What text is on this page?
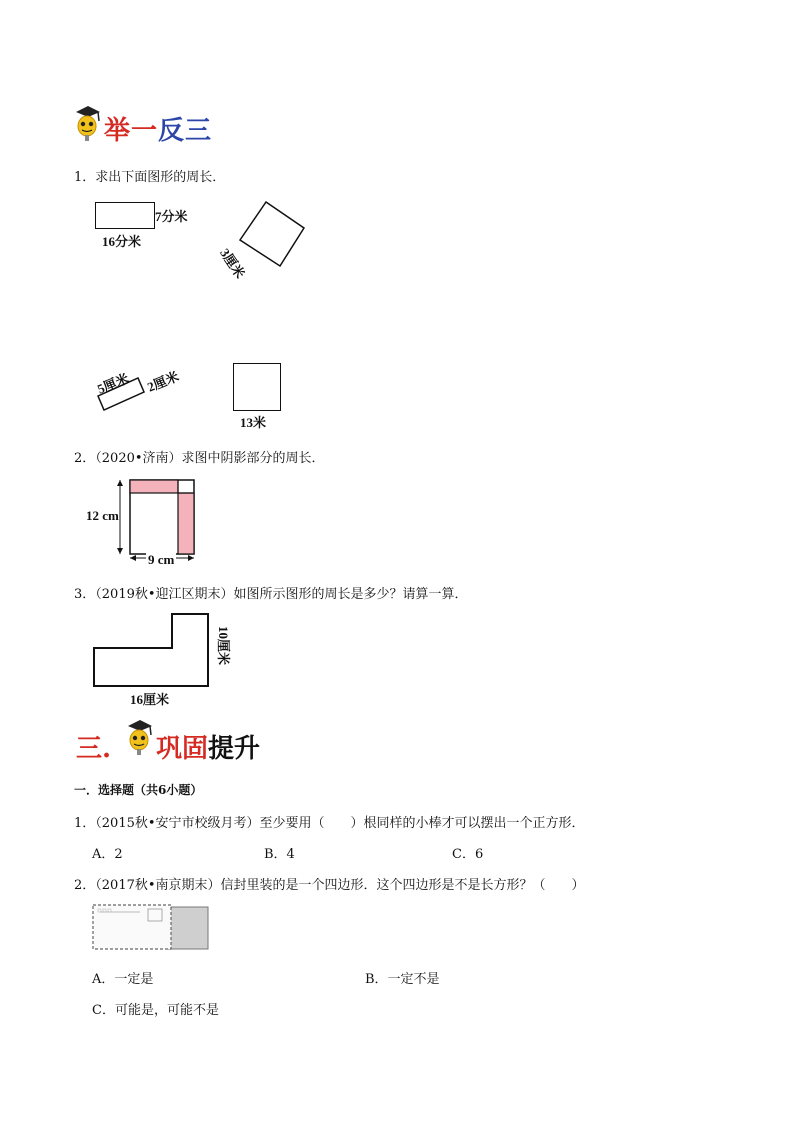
举一反三
1．求出下面图形的周长．
7分米
16分米
3厘米
5厘米 2厘米
13米
2．（2020•济南）求图中阴影部分的周长．
12 cm
9 cm
3．（2019秋•迎江区期末）如图所示图形的周长是多少？请算一算．
10厘米
16厘米
三. 巩固提升
一．选择题（共6小题）
1．（2015秋•安宁市校级月考）至少要用（　　）根同样的小棒才可以摆出一个正方形．
A．2	B．4	C．6
2．（2017秋•南京期末）信封里装的是一个四边形．这个四边形是不是长方形？（　　）
A．一定是	B．一定不是
C．可能是，可能不是
